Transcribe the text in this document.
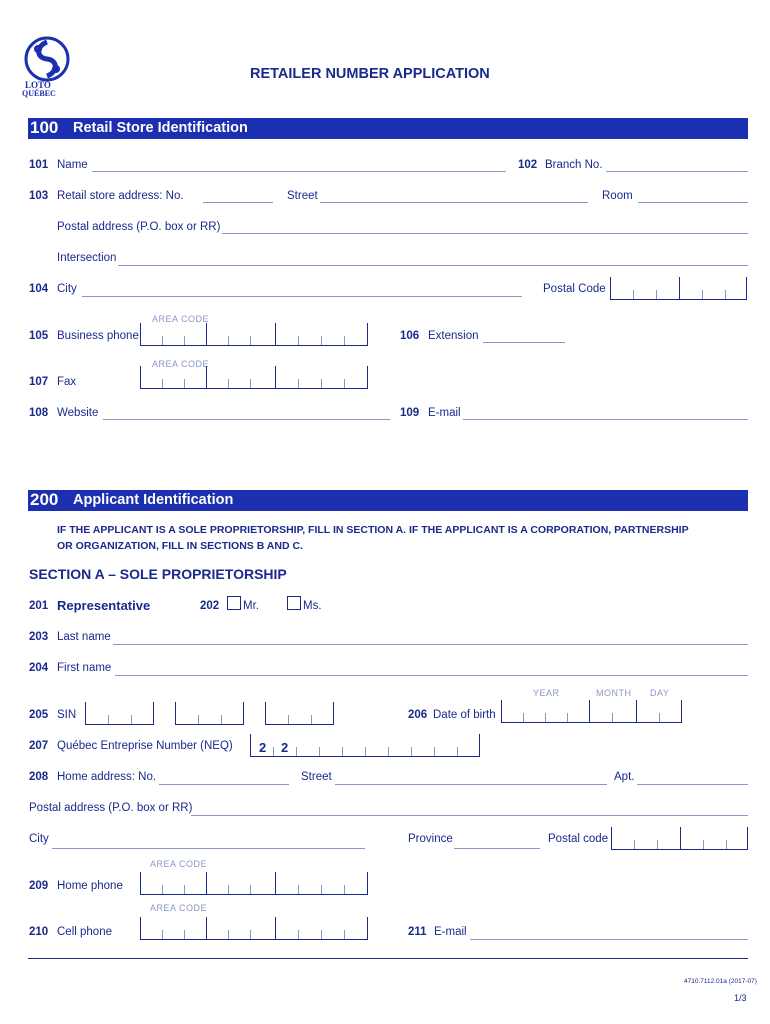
LOTO
QUÉBEC
RETAILER NUMBER APPLICATION
100 Retail Store Identification
101 Name	102 Branch No.
103 Retail store address: No.	Street	Room
Postal address (P.O. box or RR)
Intersection
104 City	Postal Code
AREA CODE
105 Business phone	106 Extension
AREA CODE
107 Fax
108 Website	109 E-mail
200 Applicant Identification
IF THE APPLICANT IS A SOLE PROPRIETORSHIP, FILL IN SECTION A. IF THE APPLICANT IS A CORPORATION, PARTNERSHIP
OR ORGANIZATION, FILL IN SECTIONS B AND C.
SECTION A – SOLE PROPRIETORSHIP
201 Representative	202 Mr.	Ms.
203 Last name
204 First name
YEAR	MONTH DAY
205 SIN	206 Date of birth
207 Québec Entreprise Number (NEQ) 2 2
208 Home address: No.	Street	Apt.
Postal address (P.O. box or RR)
City	Province	Postal code
AREA CODE
209 Home phone
AREA CODE
210 Cell phone	211 E-mail
4710.7112.01a (2017-07)
1/3
